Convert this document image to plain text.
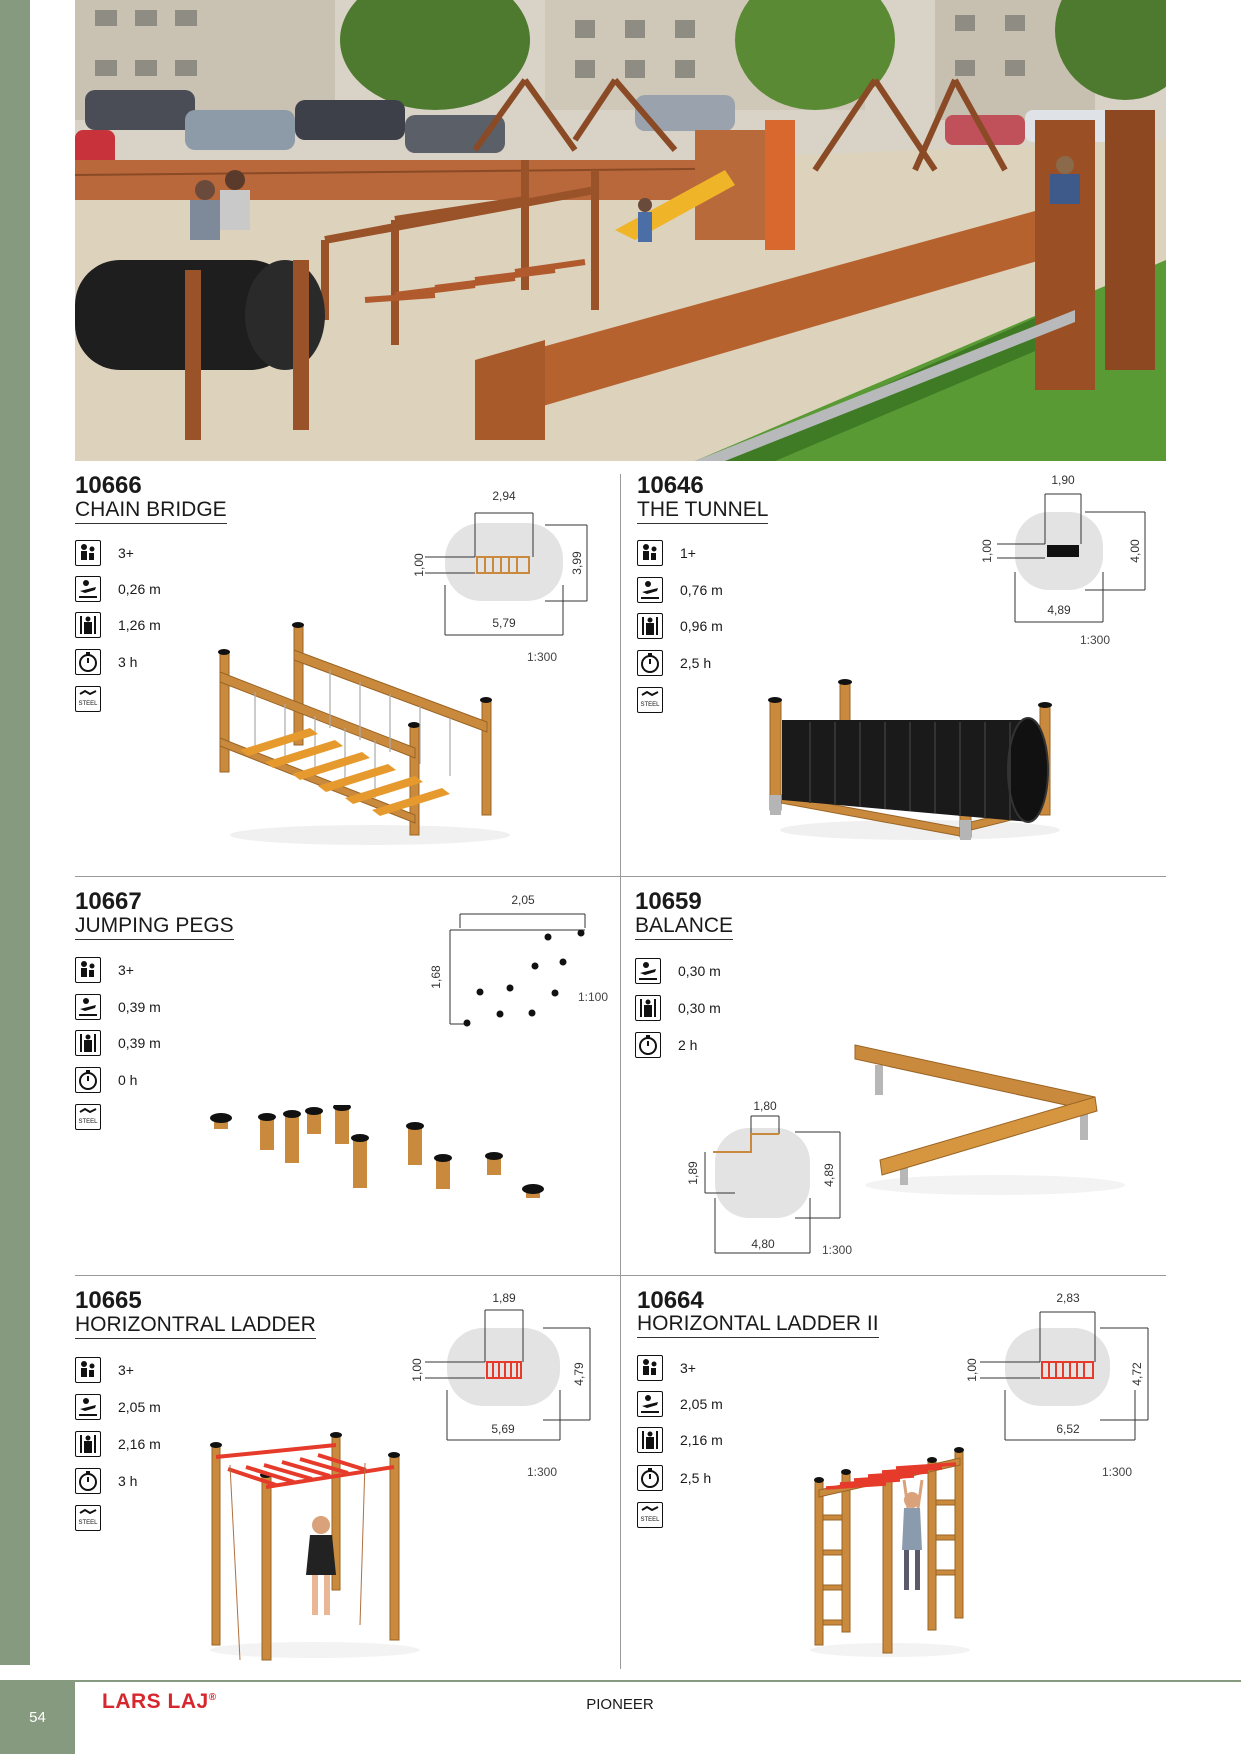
10666
CHAIN BRIDGE
3+
0,26 m
1,26 m
3 h
STEEL
2,94
1,00	3,99
5,79
1:300
10646
THE TUNNEL
1+
0,76 m
0,96 m
2,5 h
STEEL
1,90
1,00	4,00
4,89
1:300
10667
JUMPING PEGS
3+
0,39 m
0,39 m
0 h
STEEL
2,05
1,68
1:100
10659
BALANCE
0,30 m
0,30 m
2 h
1,80
1,89	4,89
4,80	1:300
10665
HORIZONTRAL LADDER
3+
2,05 m
2,16 m
3 h
STEEL
1,89
1,00	4,79
5,69
1:300
10664
HORIZONTAL LADDER II
3+
2,05 m
2,16 m
2,5 h
STEEL
2,83
1,00	4,72
6,52
1:300
54
LARS LAJ®	PIONEER
